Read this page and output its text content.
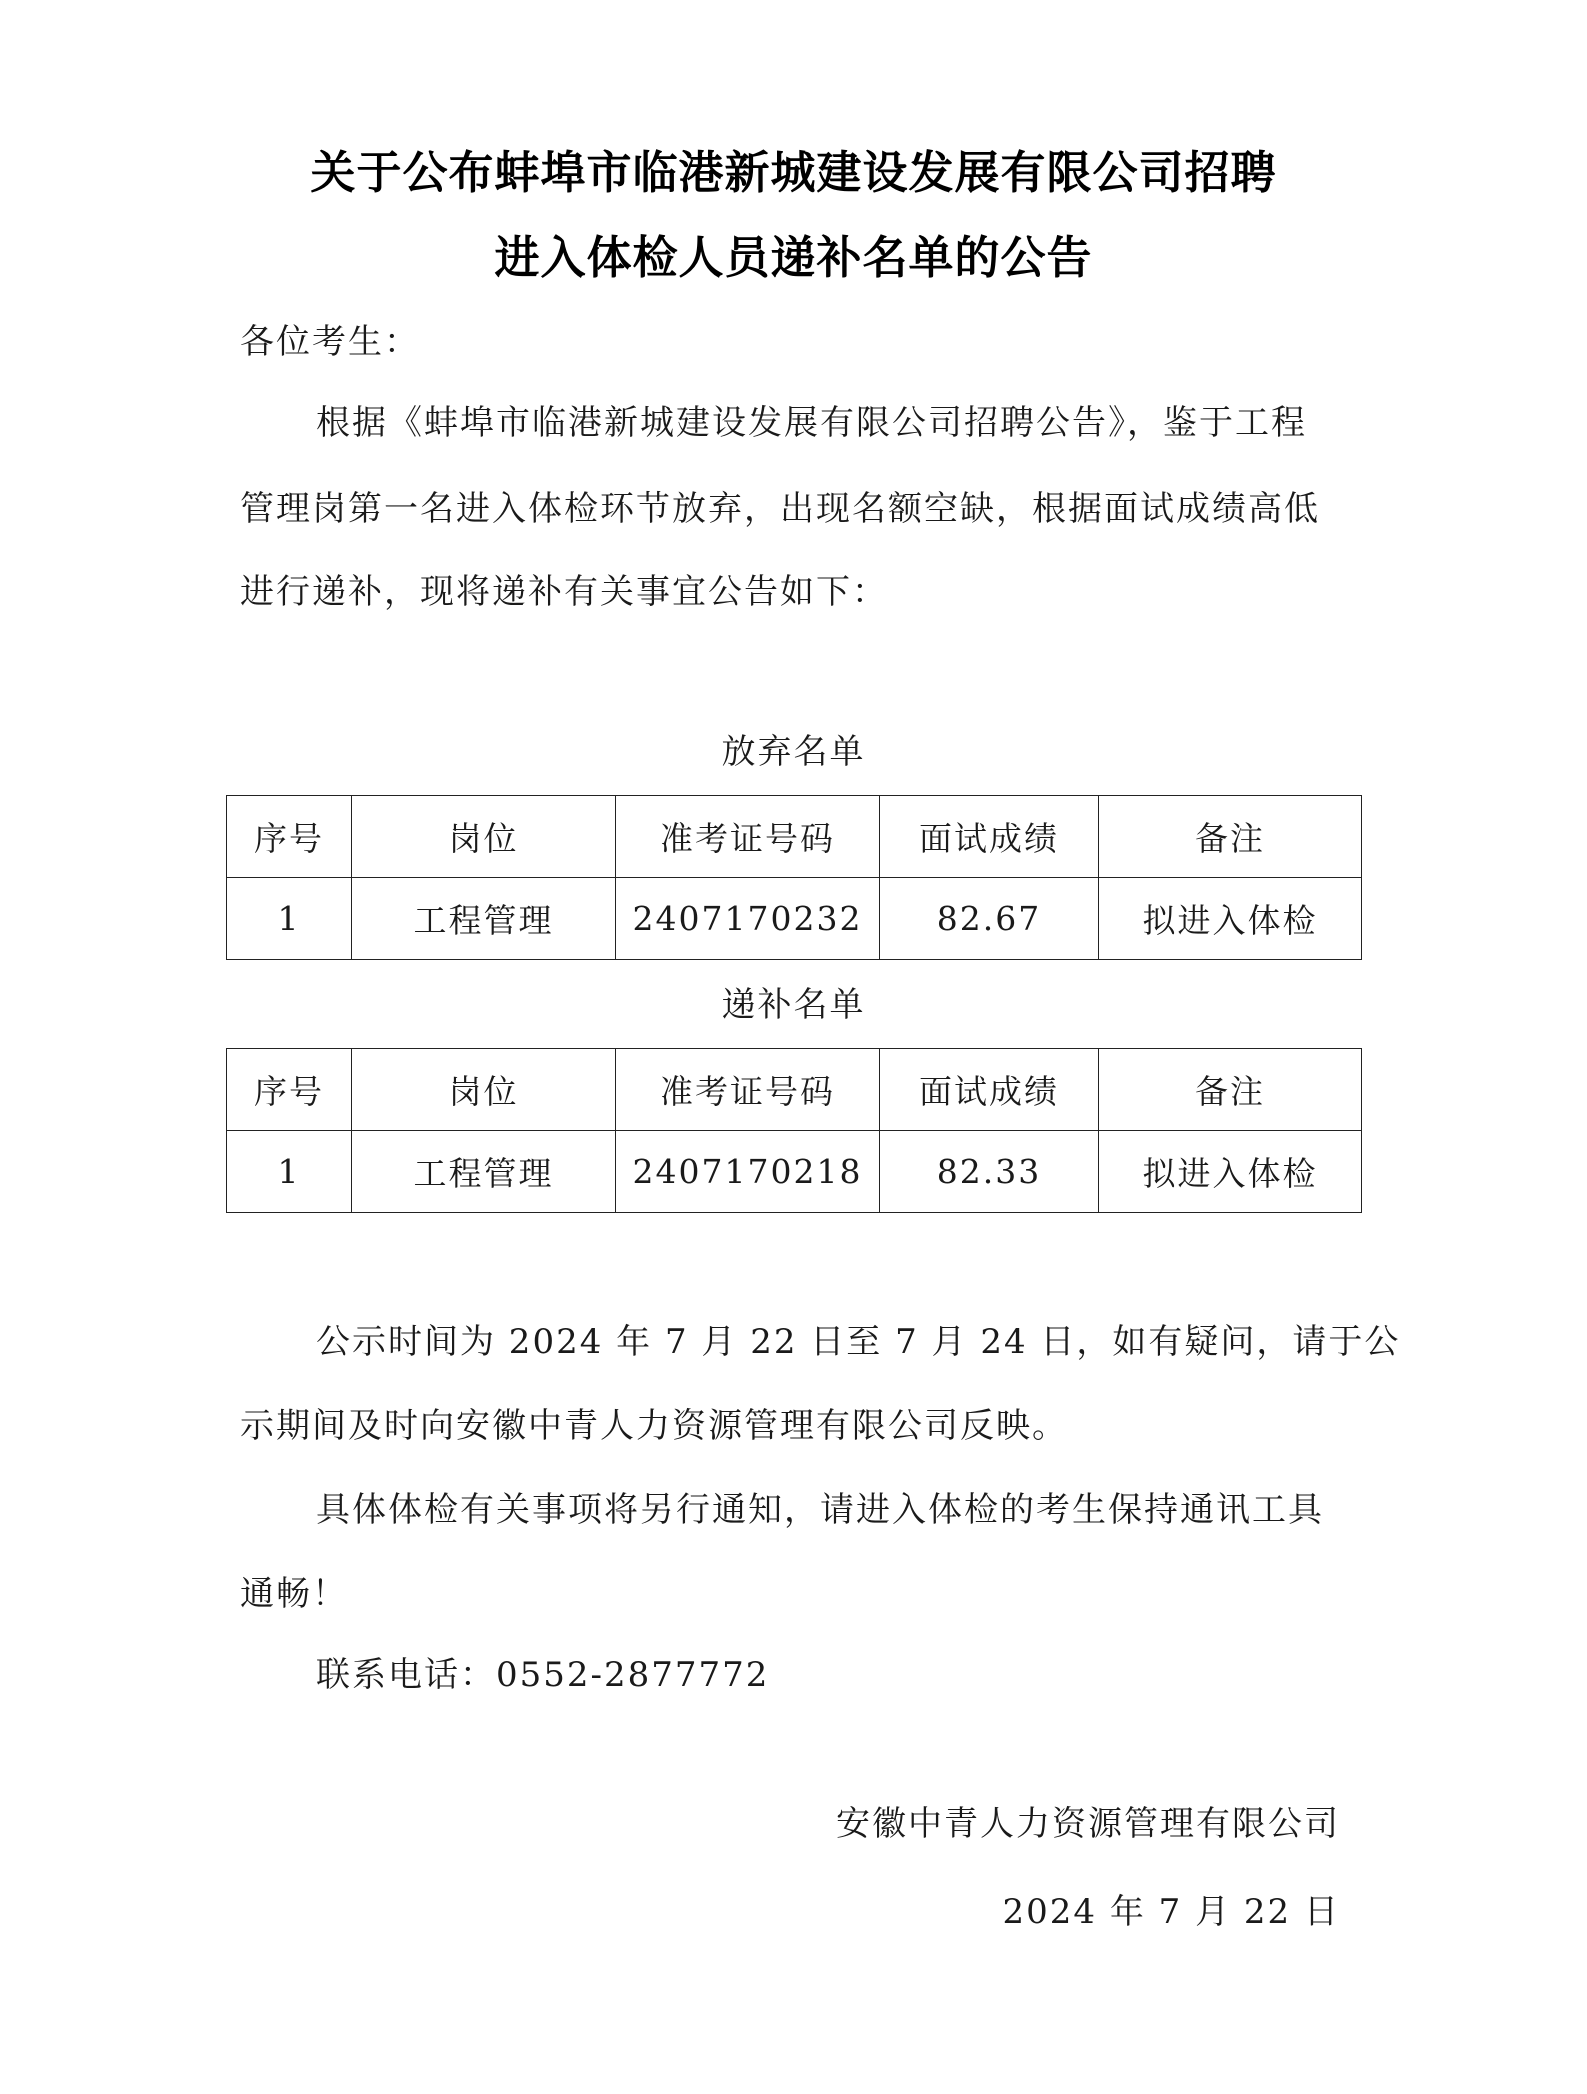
关于公布蚌埠市临港新城建设发展有限公司招聘
进入体检人员递补名单的公告
各位考生：
根据《蚌埠市临港新城建设发展有限公司招聘公告》，鉴于工程
管理岗第一名进入体检环节放弃，出现名额空缺，根据面试成绩高低
进行递补，现将递补有关事宜公告如下：
放弃名单
序号	岗位	准考证号码	面试成绩	备注
1	工程管理	2407170232	82.67	拟进入体检
递补名单
序号	岗位	准考证号码	面试成绩	备注
1	工程管理	2407170218	82.33	拟进入体检
公示时间为 2024 年 7 月 22 日至 7 月 24 日，如有疑问，请于公
示期间及时向安徽中青人力资源管理有限公司反映。
具体体检有关事项将另行通知，请进入体检的考生保持通讯工具
通畅！
联系电话：0552-2877772
安徽中青人力资源管理有限公司
2024 年 7 月 22 日
